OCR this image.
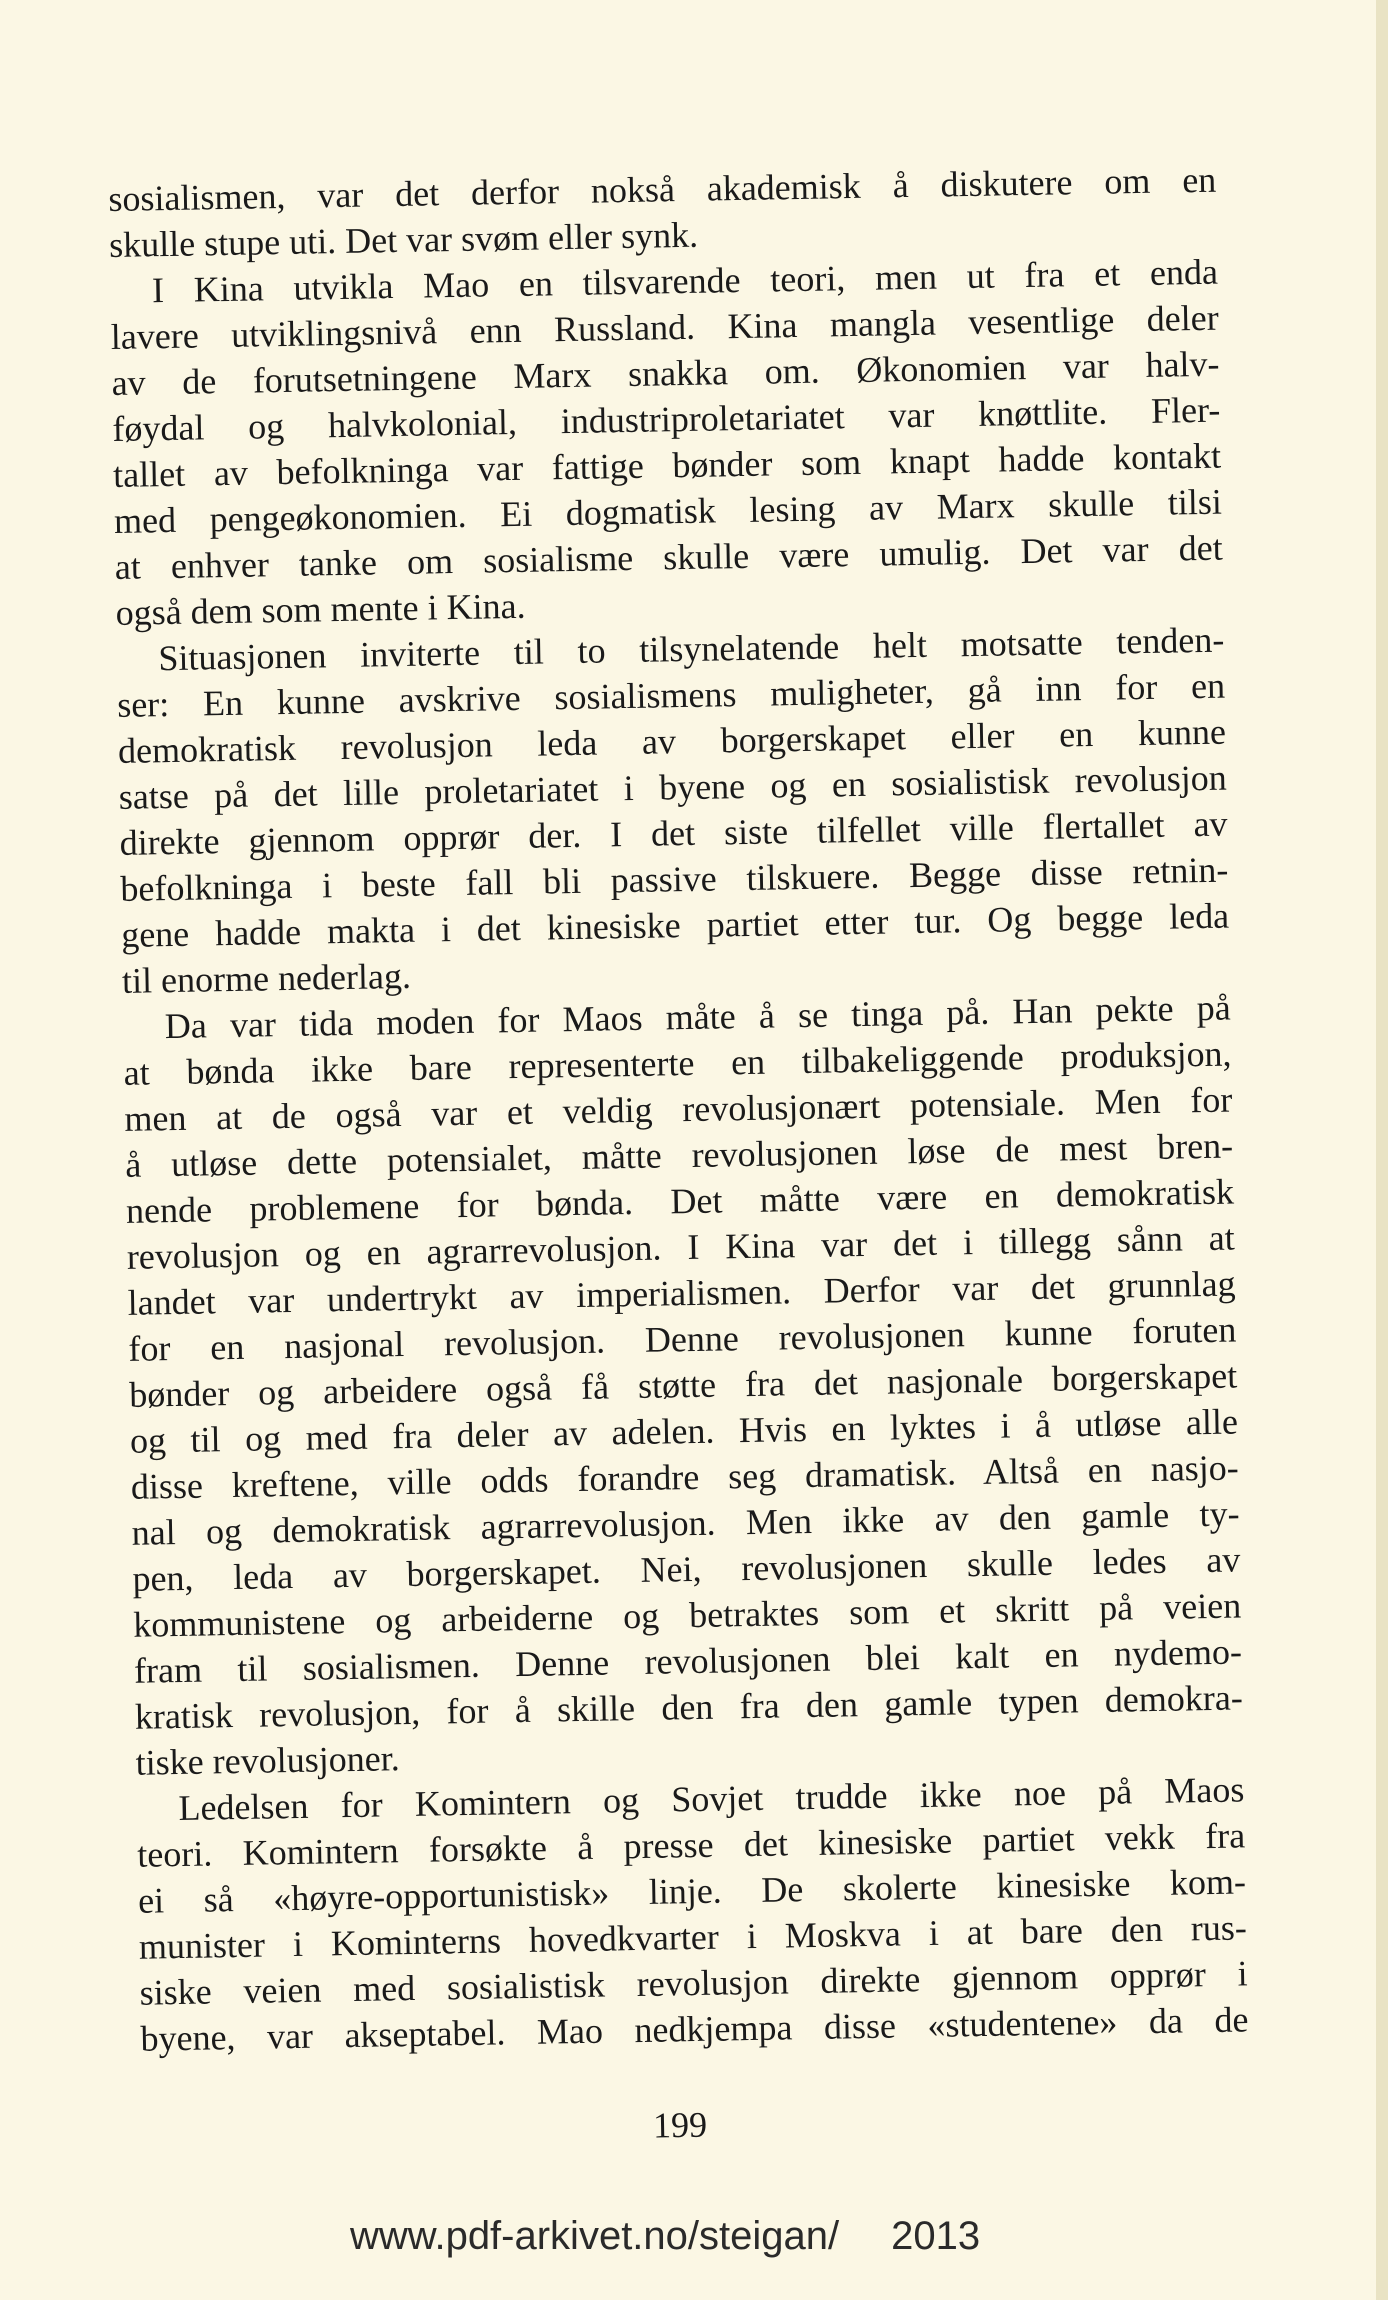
sosialismen, var det derfor nokså akademisk å diskutere om en
skulle stupe uti. Det var svøm eller synk.
I Kina utvikla Mao en tilsvarende teori, men ut fra et enda
lavere utviklingsnivå enn Russland. Kina mangla vesentlige deler
av de forutsetningene Marx snakka om. Økonomien var halv-
føydal og halvkolonial, industriproletariatet var knøttlite. Fler-
tallet av befolkninga var fattige bønder som knapt hadde kontakt
med pengeøkonomien. Ei dogmatisk lesing av Marx skulle tilsi
at enhver tanke om sosialisme skulle være umulig. Det var det
også dem som mente i Kina.
Situasjonen inviterte til to tilsynelatende helt motsatte tenden-
ser: En kunne avskrive sosialismens muligheter, gå inn for en
demokratisk revolusjon leda av borgerskapet eller en kunne
satse på det lille proletariatet i byene og en sosialistisk revolusjon
direkte gjennom opprør der. I det siste tilfellet ville flertallet av
befolkninga i beste fall bli passive tilskuere. Begge disse retnin-
gene hadde makta i det kinesiske partiet etter tur. Og begge leda
til enorme nederlag.
Da var tida moden for Maos måte å se tinga på. Han pekte på
at bønda ikke bare representerte en tilbakeliggende produksjon,
men at de også var et veldig revolusjonært potensiale. Men for
å utløse dette potensialet, måtte revolusjonen løse de mest bren-
nende problemene for bønda. Det måtte være en demokratisk
revolusjon og en agrarrevolusjon. I Kina var det i tillegg sånn at
landet var undertrykt av imperialismen. Derfor var det grunnlag
for en nasjonal revolusjon. Denne revolusjonen kunne foruten
bønder og arbeidere også få støtte fra det nasjonale borgerskapet
og til og med fra deler av adelen. Hvis en lyktes i å utløse alle
disse kreftene, ville odds forandre seg dramatisk. Altså en nasjo-
nal og demokratisk agrarrevolusjon. Men ikke av den gamle ty-
pen, leda av borgerskapet. Nei, revolusjonen skulle ledes av
kommunistene og arbeiderne og betraktes som et skritt på veien
fram til sosialismen. Denne revolusjonen blei kalt en nydemo-
kratisk revolusjon, for å skille den fra den gamle typen demokra-
tiske revolusjoner.
Ledelsen for Komintern og Sovjet trudde ikke noe på Maos
teori. Komintern forsøkte å presse det kinesiske partiet vekk fra
ei så «høyre-opportunistisk» linje. De skolerte kinesiske kom-
munister i Kominterns hovedkvarter i Moskva i at bare den rus-
siske veien med sosialistisk revolusjon direkte gjennom opprør i
byene, var akseptabel. Mao nedkjempa disse «studentene» da de
199
www.pdf-arkivet.no/steigan/ 2013
